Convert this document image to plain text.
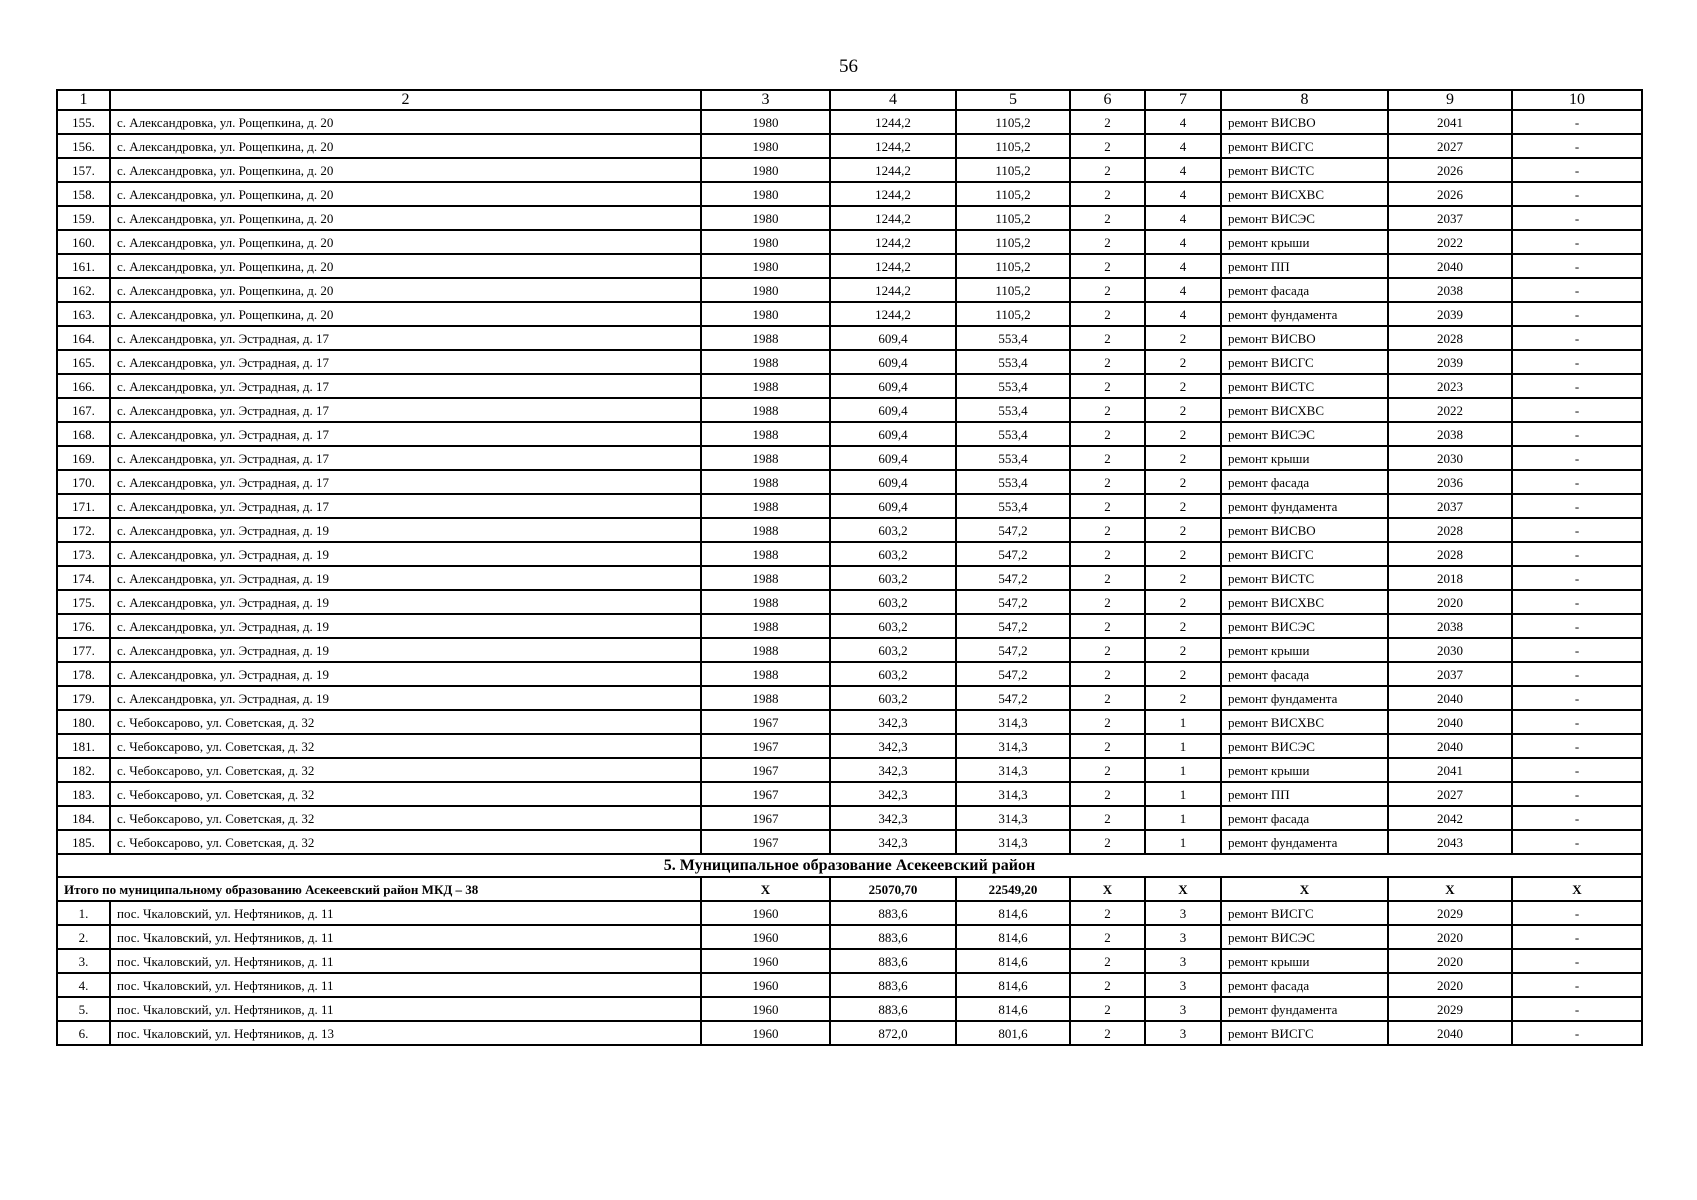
56
1	2	3	4	5	6	7	8	9	10
155.	с. Александровка, ул. Рощепкина, д. 20	1980	1244,2	1105,2	2	4	ремонт ВИСВО	2041	-
156.	с. Александровка, ул. Рощепкина, д. 20	1980	1244,2	1105,2	2	4	ремонт ВИСГС	2027	-
157.	с. Александровка, ул. Рощепкина, д. 20	1980	1244,2	1105,2	2	4	ремонт ВИСТС	2026	-
158.	с. Александровка, ул. Рощепкина, д. 20	1980	1244,2	1105,2	2	4	ремонт ВИСХВС	2026	-
159.	с. Александровка, ул. Рощепкина, д. 20	1980	1244,2	1105,2	2	4	ремонт ВИСЭС	2037	-
160.	с. Александровка, ул. Рощепкина, д. 20	1980	1244,2	1105,2	2	4	ремонт крыши	2022	-
161.	с. Александровка, ул. Рощепкина, д. 20	1980	1244,2	1105,2	2	4	ремонт ПП	2040	-
162.	с. Александровка, ул. Рощепкина, д. 20	1980	1244,2	1105,2	2	4	ремонт фасада	2038	-
163.	с. Александровка, ул. Рощепкина, д. 20	1980	1244,2	1105,2	2	4	ремонт фундамента	2039	-
164.	с. Александровка, ул. Эстрадная, д. 17	1988	609,4	553,4	2	2	ремонт ВИСВО	2028	-
165.	с. Александровка, ул. Эстрадная, д. 17	1988	609,4	553,4	2	2	ремонт ВИСГС	2039	-
166.	с. Александровка, ул. Эстрадная, д. 17	1988	609,4	553,4	2	2	ремонт ВИСТС	2023	-
167.	с. Александровка, ул. Эстрадная, д. 17	1988	609,4	553,4	2	2	ремонт ВИСХВС	2022	-
168.	с. Александровка, ул. Эстрадная, д. 17	1988	609,4	553,4	2	2	ремонт ВИСЭС	2038	-
169.	с. Александровка, ул. Эстрадная, д. 17	1988	609,4	553,4	2	2	ремонт крыши	2030	-
170.	с. Александровка, ул. Эстрадная, д. 17	1988	609,4	553,4	2	2	ремонт фасада	2036	-
171.	с. Александровка, ул. Эстрадная, д. 17	1988	609,4	553,4	2	2	ремонт фундамента	2037	-
172.	с. Александровка, ул. Эстрадная, д. 19	1988	603,2	547,2	2	2	ремонт ВИСВО	2028	-
173.	с. Александровка, ул. Эстрадная, д. 19	1988	603,2	547,2	2	2	ремонт ВИСГС	2028	-
174.	с. Александровка, ул. Эстрадная, д. 19	1988	603,2	547,2	2	2	ремонт ВИСТС	2018	-
175.	с. Александровка, ул. Эстрадная, д. 19	1988	603,2	547,2	2	2	ремонт ВИСХВС	2020	-
176.	с. Александровка, ул. Эстрадная, д. 19	1988	603,2	547,2	2	2	ремонт ВИСЭС	2038	-
177.	с. Александровка, ул. Эстрадная, д. 19	1988	603,2	547,2	2	2	ремонт крыши	2030	-
178.	с. Александровка, ул. Эстрадная, д. 19	1988	603,2	547,2	2	2	ремонт фасада	2037	-
179.	с. Александровка, ул. Эстрадная, д. 19	1988	603,2	547,2	2	2	ремонт фундамента	2040	-
180.	с. Чебоксарово, ул. Советская, д. 32	1967	342,3	314,3	2	1	ремонт ВИСХВС	2040	-
181.	с. Чебоксарово, ул. Советская, д. 32	1967	342,3	314,3	2	1	ремонт ВИСЭС	2040	-
182.	с. Чебоксарово, ул. Советская, д. 32	1967	342,3	314,3	2	1	ремонт крыши	2041	-
183.	с. Чебоксарово, ул. Советская, д. 32	1967	342,3	314,3	2	1	ремонт ПП	2027	-
184.	с. Чебоксарово, ул. Советская, д. 32	1967	342,3	314,3	2	1	ремонт фасада	2042	-
185.	с. Чебоксарово, ул. Советская, д. 32	1967	342,3	314,3	2	1	ремонт фундамента	2043	-
5. Муниципальное образование Асекеевский район									
Итого по муниципальному образованию Асекеевский район МКД – 38		X	25070,70	22549,20	X	X	X	X	X
1.	пос. Чкаловский, ул. Нефтяников, д. 11	1960	883,6	814,6	2	3	ремонт ВИСГС	2029	-
2.	пос. Чкаловский, ул. Нефтяников, д. 11	1960	883,6	814,6	2	3	ремонт ВИСЭС	2020	-
3.	пос. Чкаловский, ул. Нефтяников, д. 11	1960	883,6	814,6	2	3	ремонт крыши	2020	-
4.	пос. Чкаловский, ул. Нефтяников, д. 11	1960	883,6	814,6	2	3	ремонт фасада	2020	-
5.	пос. Чкаловский, ул. Нефтяников, д. 11	1960	883,6	814,6	2	3	ремонт фундамента	2029	-
6.	пос. Чкаловский, ул. Нефтяников, д. 13	1960	872,0	801,6	2	3	ремонт ВИСГС	2040	-
